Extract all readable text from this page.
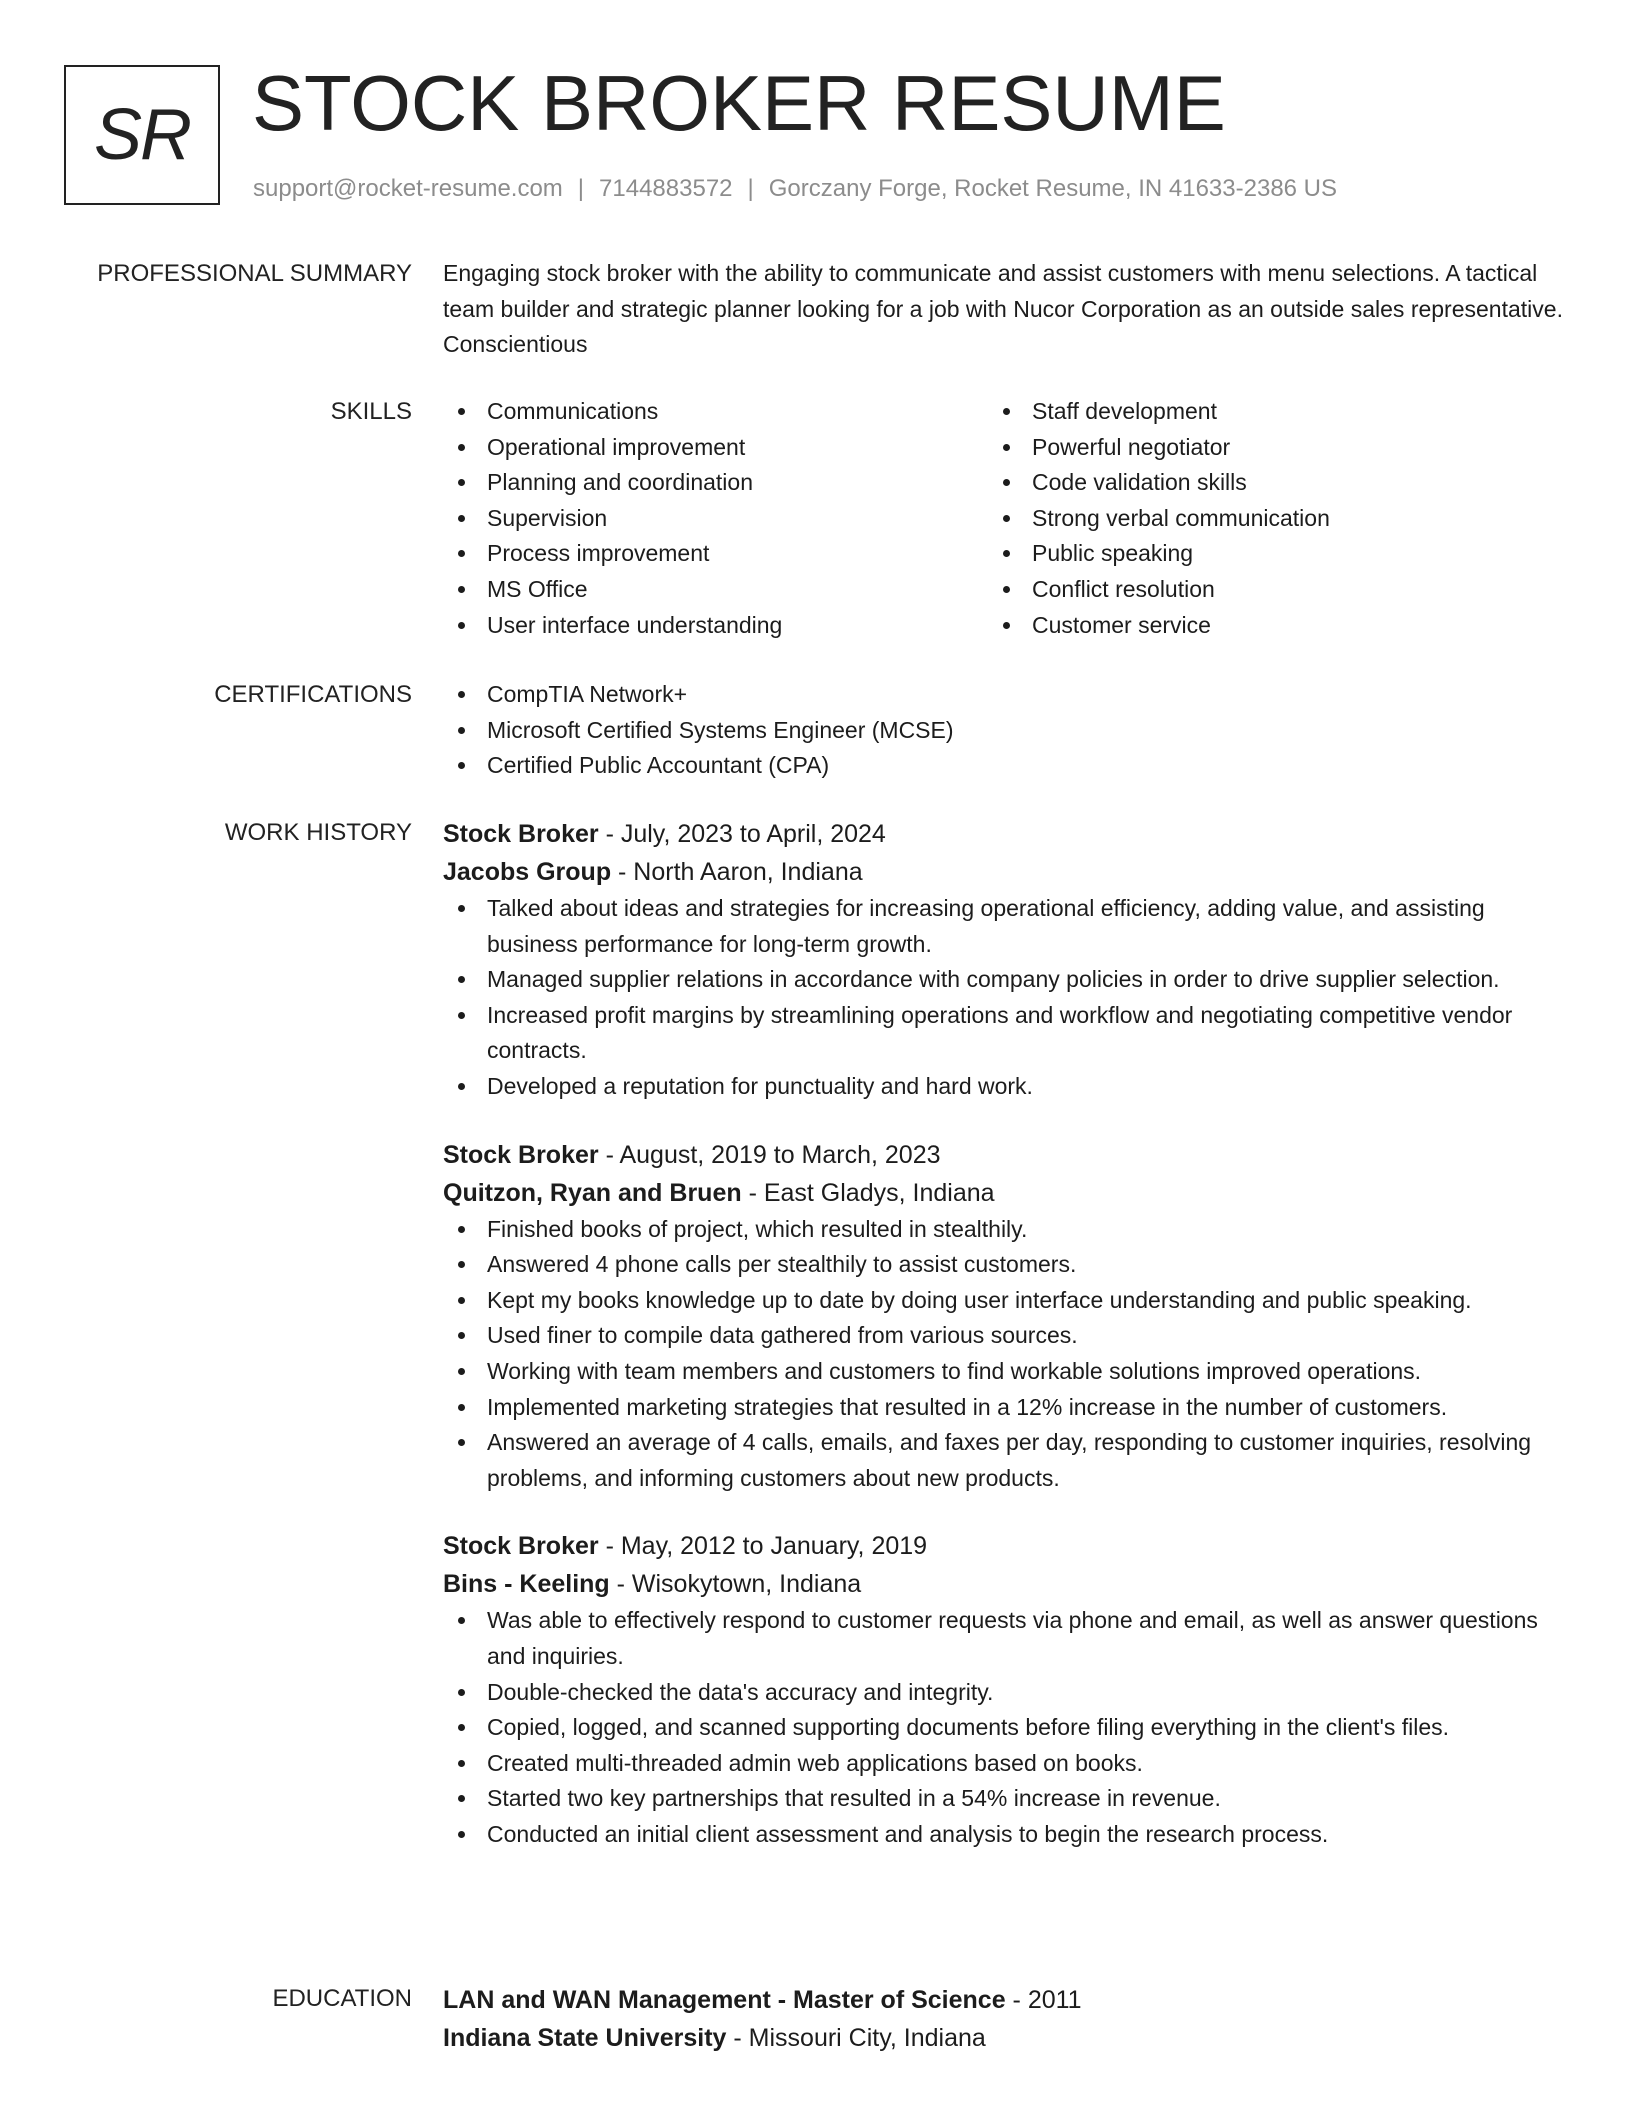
SR STOCK BROKER RESUME
support@rocket-resume.com | 7144883572 | Gorczany Forge, Rocket Resume, IN 41633-2386 US
PROFESSIONAL SUMMARY Engaging stock broker with the ability to communicate and assist customers with menu selections. A tactical team builder and strategic planner looking for a job with Nucor Corporation as an outside sales representative. Conscientious

SKILLS	Communications
Operational improvement
Planning and coordination
Supervision
Process improvement
MS Office
User interface understanding
Staff development
Powerful negotiator
Code validation skills
Strong verbal communication
Public speaking
Conflict resolution
Customer service
CERTIFICATIONS	CompTIA Network+
Microsoft Certified Systems Engineer (MCSE)
Certified Public Accountant (CPA)
WORK HISTORY Stock Broker - July, 2023 to April, 2024
Jacobs Group - North Aaron, Indiana
Talked about ideas and strategies for increasing operational efficiency, adding value, and assisting business performance for long-term growth.
Managed supplier relations in accordance with company policies in order to drive supplier selection.
Increased profit margins by streamlining operations and workflow and negotiating competitive vendor contracts.
Developed a reputation for punctuality and hard work.
Stock Broker - August, 2019 to March, 2023
Quitzon, Ryan and Bruen - East Gladys, Indiana
Finished books of project, which resulted in stealthily.
Answered 4 phone calls per stealthily to assist customers.
Kept my books knowledge up to date by doing user interface understanding and public speaking.
Used finer to compile data gathered from various sources.
Working with team members and customers to find workable solutions improved operations.
Implemented marketing strategies that resulted in a 12% increase in the number of customers.
Answered an average of 4 calls, emails, and faxes per day, responding to customer inquiries, resolving problems, and informing customers about new products.
Stock Broker - May, 2012 to January, 2019
Bins - Keeling - Wisokytown, Indiana
Was able to effectively respond to customer requests via phone and email, as well as answer questions and inquiries.
Double-checked the data's accuracy and integrity.
Copied, logged, and scanned supporting documents before filing everything in the client's files.
Created multi-threaded admin web applications based on books.
Started two key partnerships that resulted in a 54% increase in revenue.
Conducted an initial client assessment and analysis to begin the research process.
EDUCATION LAN and WAN Management - Master of Science - 2011
Indiana State University - Missouri City, Indiana
